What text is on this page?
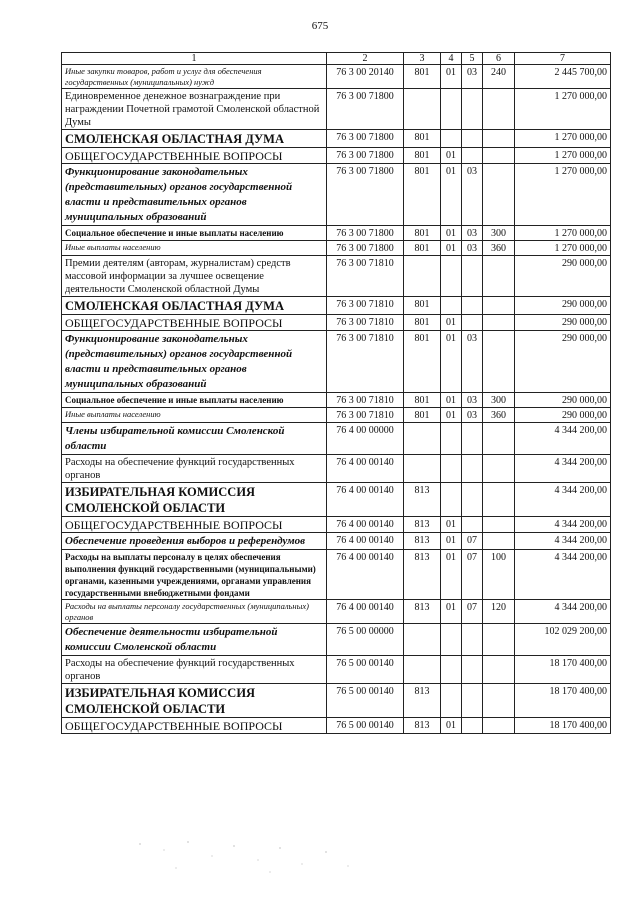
675
1	2	3	4	5	6	7
Иные закупки товаров, работ и услуг для обеспечения государственных (муниципальных) нужд	76 3 00 20140	801	01	03	240	2 445 700,00
Единовременное денежное вознаграждение при награждении Почетной грамотой Смоленской областной Думы	76 3 00 71800					1 270 000,00
СМОЛЕНСКАЯ ОБЛАСТНАЯ ДУМА	76 3 00 71800	801				1 270 000,00
ОБЩЕГОСУДАРСТВЕННЫЕ ВОПРОСЫ	76 3 00 71800	801	01			1 270 000,00
Функционирование законодательных (представительных) органов государственной власти и представительных органов муниципальных образований	76 3 00 71800	801	01	03		1 270 000,00
Социальное обеспечение и иные выплаты населению	76 3 00 71800	801	01	03	300	1 270 000,00
Иные выплаты населению	76 3 00 71800	801	01	03	360	1 270 000,00
Премии деятелям (авторам, журналистам) средств массовой информации за лучшее освещение деятельности Смоленской областной Думы	76 3 00 71810					290 000,00
СМОЛЕНСКАЯ ОБЛАСТНАЯ ДУМА	76 3 00 71810	801				290 000,00
ОБЩЕГОСУДАРСТВЕННЫЕ ВОПРОСЫ	76 3 00 71810	801	01			290 000,00
Функционирование законодательных (представительных) органов государственной власти и представительных органов муниципальных образований	76 3 00 71810	801	01	03		290 000,00
Социальное обеспечение и иные выплаты населению	76 3 00 71810	801	01	03	300	290 000,00
Иные выплаты населению	76 3 00 71810	801	01	03	360	290 000,00
Члены избирательной комиссии Смоленской области	76 4 00 00000					4 344 200,00
Расходы на обеспечение функций государственных органов	76 4 00 00140					4 344 200,00
ИЗБИРАТЕЛЬНАЯ КОМИССИЯ СМОЛЕНСКОЙ ОБЛАСТИ	76 4 00 00140	813				4 344 200,00
ОБЩЕГОСУДАРСТВЕННЫЕ ВОПРОСЫ	76 4 00 00140	813	01			4 344 200,00
Обеспечение проведения выборов и референдумов	76 4 00 00140	813	01	07		4 344 200,00
Расходы на выплаты персоналу в целях обеспечения выполнения функций государственными (муниципальными) органами, казенными учреждениями, органами управления государственными внебюджетными фондами	76 4 00 00140	813	01	07	100	4 344 200,00
Расходы на выплаты персоналу государственных (муниципальных) органов	76 4 00 00140	813	01	07	120	4 344 200,00
Обеспечение деятельности избирательной комиссии Смоленской области	76 5 00 00000					102 029 200,00
Расходы на обеспечение функций государственных органов	76 5 00 00140					18 170 400,00
ИЗБИРАТЕЛЬНАЯ КОМИССИЯ СМОЛЕНСКОЙ ОБЛАСТИ	76 5 00 00140	813				18 170 400,00
ОБЩЕГОСУДАРСТВЕННЫЕ ВОПРОСЫ	76 5 00 00140	813	01			18 170 400,00
